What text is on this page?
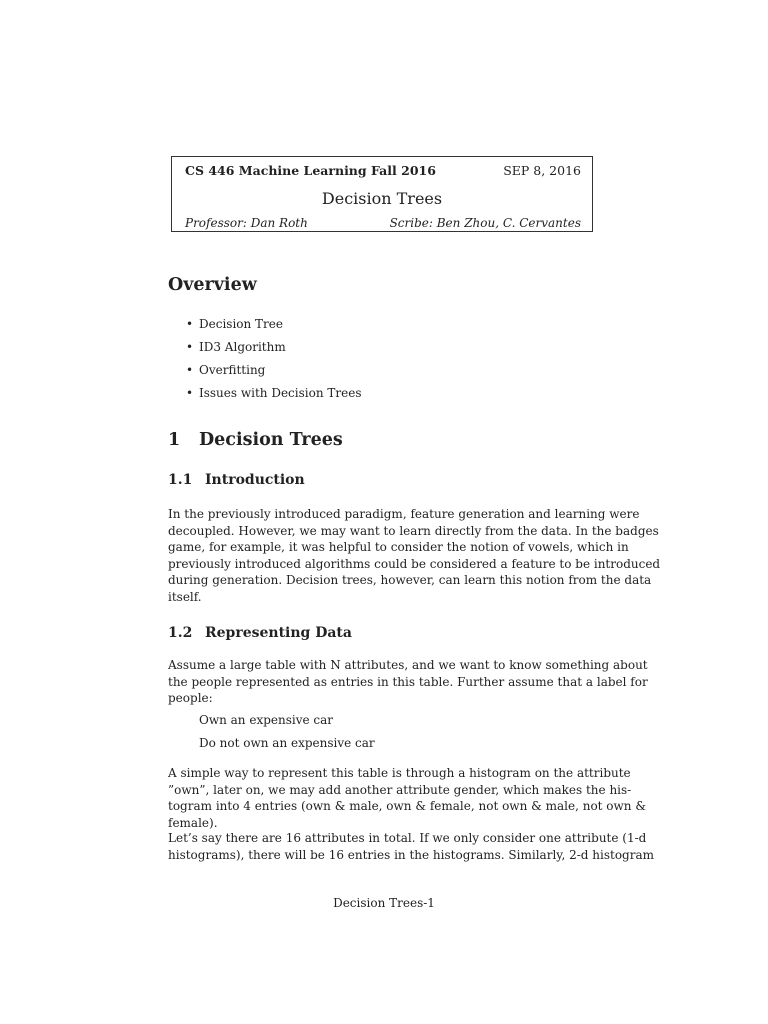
CS 446 Machine Learning Fall 2016	SEP 8, 2016
Decision Trees
Professor: Dan Roth	Scribe: Ben Zhou, C. Cervantes
Overview
• Decision Tree
• ID3 Algorithm
• Overfitting
• Issues with Decision Trees
1 Decision Trees
1.1 Introduction
In the previously introduced paradigm, feature generation and learning were
decoupled. However, we may want to learn directly from the data. In the badges
game, for example, it was helpful to consider the notion of vowels, which in
previously introduced algorithms could be considered a feature to be introduced
during generation. Decision trees, however, can learn this notion from the data
itself.
1.2 Representing Data
Assume a large table with N attributes, and we want to know something about
the people represented as entries in this table. Further assume that a label for
people:
Own an expensive car
Do not own an expensive car
A simple way to represent this table is through a histogram on the attribute
”own”, later on, we may add another attribute gender, which makes the his-
togram into 4 entries (own & male, own & female, not own & male, not own &
female).
Let’s say there are 16 attributes in total. If we only consider one attribute (1-d
histograms), there will be 16 entries in the histograms. Similarly, 2-d histogram
Decision Trees-1
